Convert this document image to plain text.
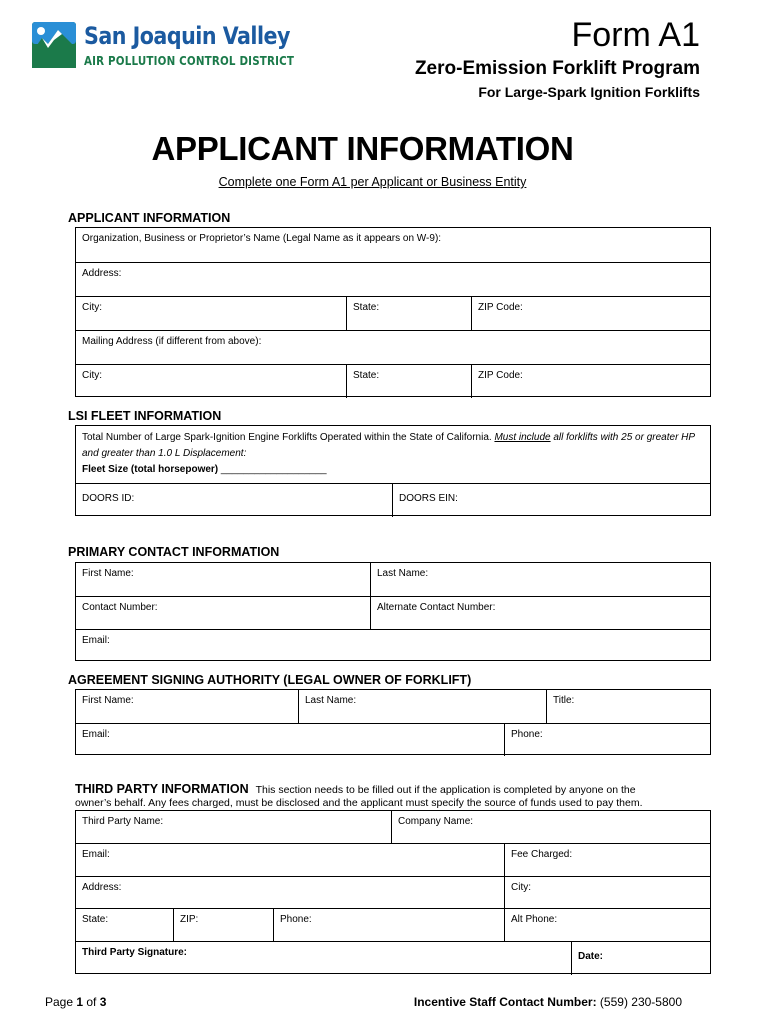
San Joaquin Valley
AIR POLLUTION CONTROL DISTRICT
Form A1
Zero-Emission Forklift Program
For Large-Spark Ignition Forklifts
APPLICANT INFORMATION
Complete one Form A1 per Applicant or Business Entity
APPLICANT INFORMATION
Organization, Business or Proprietor’s Name (Legal Name as it appears on W-9):
Address:
City:	State:	ZIP Code:
Mailing Address (if different from above):
City:	State:	ZIP Code:
LSI FLEET INFORMATION
Total Number of Large Spark-Ignition Engine Forklifts Operated within the State of California. Must include all forklifts with 25 or greater HP and greater than 1.0 L Displacement:
Fleet Size (total horsepower) ___________________
DOORS ID:	DOORS EIN:
PRIMARY CONTACT INFORMATION
First Name:	Last Name:
Contact Number:	Alternate Contact Number:
Email:
AGREEMENT SIGNING AUTHORITY (LEGAL OWNER OF FORKLIFT)
First Name:	Last Name:	Title:
Email:	Phone:
THIRD PARTY INFORMATION This section needs to be filled out if the application is completed by anyone on the
owner’s behalf. Any fees charged, must be disclosed and the applicant must specify the source of funds used to pay them.
Third Party Name:	Company Name:
Email:	Fee Charged:
Address:	City:
State:	ZIP:	Phone:	Alt Phone:
Third Party Signature:	Date:
Page 1 of 3	Incentive Staff Contact Number: (559) 230-5800
